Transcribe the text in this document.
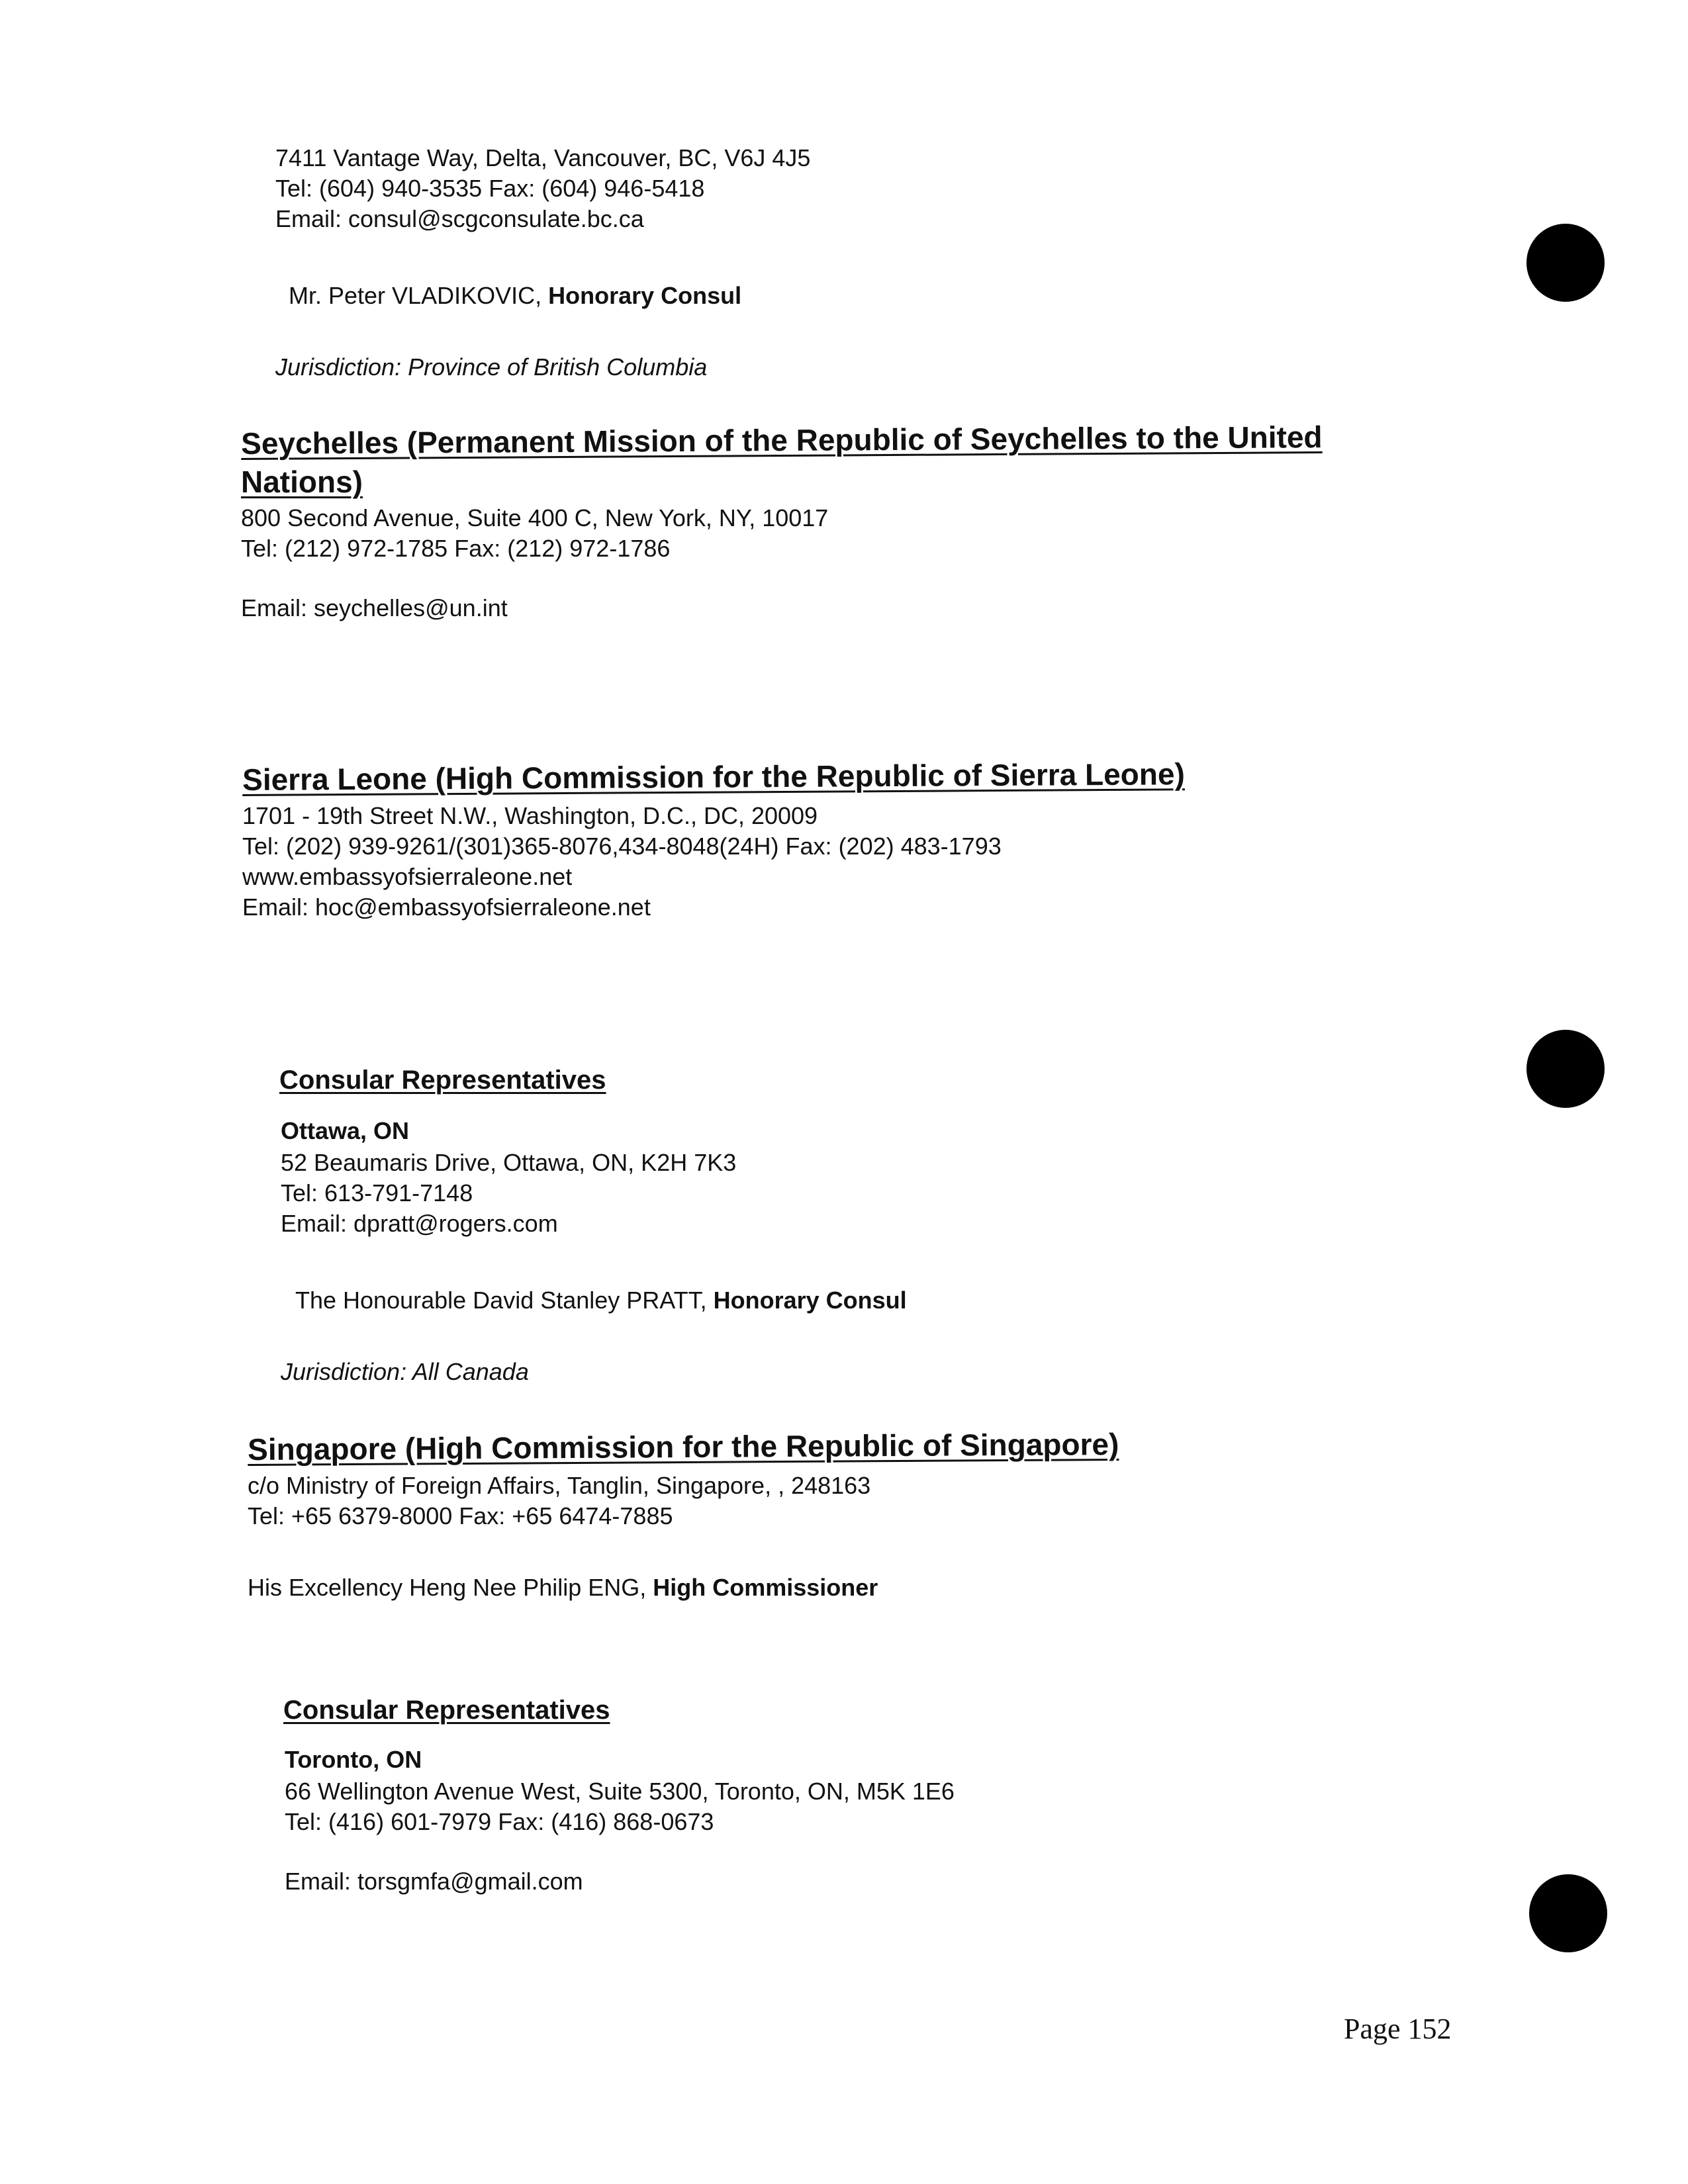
7411 Vantage Way, Delta, Vancouver, BC, V6J 4J5
Tel: (604) 940-3535 Fax: (604) 946-5418
Email: consul@scgconsulate.bc.ca
Mr. Peter VLADIKOVIC, Honorary Consul
Jurisdiction: Province of British Columbia
Seychelles (Permanent Mission of the Republic of Seychelles to the United
Nations)
800 Second Avenue, Suite 400 C, New York, NY, 10017
Tel: (212) 972-1785 Fax: (212) 972-1786
Email: seychelles@un.int
Sierra Leone (High Commission for the Republic of Sierra Leone)
1701 - 19th Street N.W., Washington, D.C., DC, 20009
Tel: (202) 939-9261/(301)365-8076,434-8048(24H) Fax: (202) 483-1793
www.embassyofsierraleone.net
Email: hoc@embassyofsierraleone.net
Consular Representatives
Ottawa, ON
52 Beaumaris Drive, Ottawa, ON, K2H 7K3
Tel: 613-791-7148
Email: dpratt@rogers.com
The Honourable David Stanley PRATT, Honorary Consul
Jurisdiction: All Canada
Singapore (High Commission for the Republic of Singapore)
c/o Ministry of Foreign Affairs, Tanglin, Singapore, , 248163
Tel: +65 6379-8000 Fax: +65 6474-7885
His Excellency Heng Nee Philip ENG, High Commissioner
Consular Representatives
Toronto, ON
66 Wellington Avenue West, Suite 5300, Toronto, ON, M5K 1E6
Tel: (416) 601-7979 Fax: (416) 868-0673
Email: torsgmfa@gmail.com
Page 152
